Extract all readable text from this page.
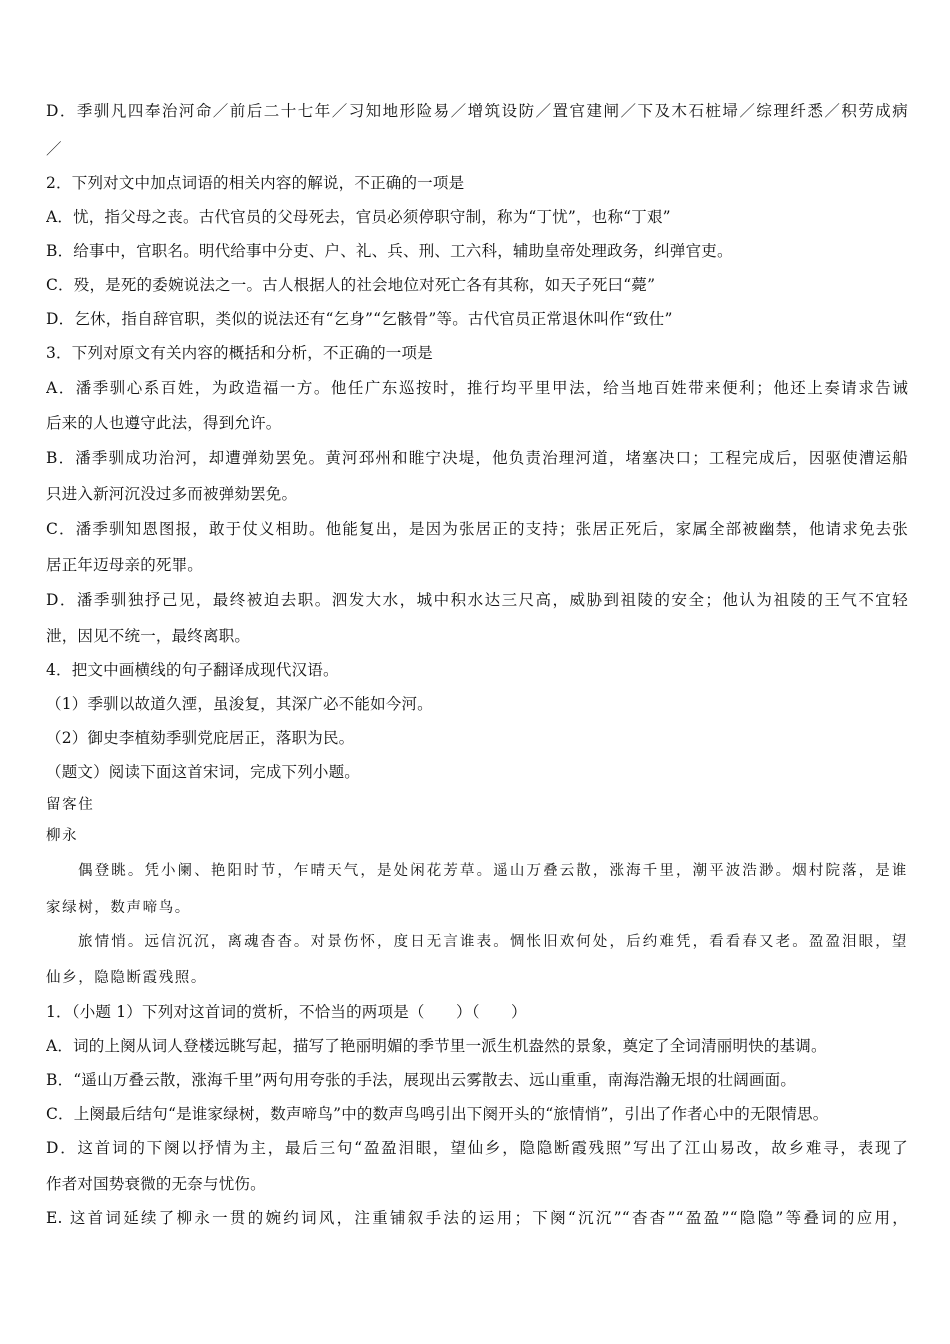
D．季驯凡四奉治河命／前后二十七年／习知地形险易／增筑设防／置官建闸／下及木石桩埽／综理纤悉／积劳成病
／
2．下列对文中加点词语的相关内容的解说，不正确的一项是
A．忧，指父母之丧。古代官员的父母死去，官员必须停职守制，称为“丁忧”，也称“丁艰”
B．给事中，官职名。明代给事中分吏、户、礼、兵、刑、工六科，辅助皇帝处理政务，纠弹官吏。
C．殁，是死的委婉说法之一。古人根据人的社会地位对死亡各有其称，如天子死曰“薨”
D．乞休，指自辞官职，类似的说法还有“乞身”“乞骸骨”等。古代官员正常退休叫作“致仕”
3．下列对原文有关内容的概括和分析，不正确的一项是
A．潘季驯心系百姓，为政造福一方。他任广东巡按时，推行均平里甲法，给当地百姓带来便利；他还上奏请求告诫
后来的人也遵守此法，得到允许。
B．潘季驯成功治河，却遭弹劾罢免。黄河邳州和睢宁决堤，他负责治理河道，堵塞决口；工程完成后，因驱使漕运船
只进入新河沉没过多而被弹劾罢免。
C．潘季驯知恩图报，敢于仗义相助。他能复出，是因为张居正的支持；张居正死后，家属全部被幽禁，他请求免去张
居正年迈母亲的死罪。
D．潘季驯独抒己见，最终被迫去职。泗发大水，城中积水达三尺高，威胁到祖陵的安全；他认为祖陵的王气不宜轻
泄，因见不统一，最终离职。
4．把文中画横线的句子翻译成现代汉语。
（1）季驯以故道久湮，虽浚复，其深广必不能如今河。
（2）御史李植劾季驯党庇居正，落职为民。
（题文）阅读下面这首宋词，完成下列小题。
留客住
柳永
偶登眺。凭小阑、艳阳时节，乍晴天气，是处闲花芳草。遥山万叠云散，涨海千里，潮平波浩渺。烟村院落，是谁
家绿树，数声啼鸟。
旅情悄。远信沉沉，离魂杳杳。对景伤怀，度日无言谁表。惆怅旧欢何处，后约难凭，看看春又老。盈盈泪眼，望
仙乡，隐隐断霞残照。
1．（小题 1）下列对这首词的赏析，不恰当的两项是（　　）（　　）
A．词的上阕从词人登楼远眺写起，描写了艳丽明媚的季节里一派生机盎然的景象，奠定了全词清丽明快的基调。
B．“遥山万叠云散，涨海千里”两句用夸张的手法，展现出云雾散去、远山重重，南海浩瀚无垠的壮阔画面。
C．上阕最后结句“是谁家绿树，数声啼鸟”中的数声鸟鸣引出下阕开头的“旅情悄”，引出了作者心中的无限情思。
D．这首词的下阕以抒情为主，最后三句“盈盈泪眼，望仙乡，隐隐断霞残照”写出了江山易改，故乡难寻，表现了
作者对国势衰微的无奈与忧伤。
E. 这首词延续了柳永一贯的婉约词风，注重铺叙手法的运用；下阕“沉沉”“杳杳”“盈盈”“隐隐”等叠词的应用，
